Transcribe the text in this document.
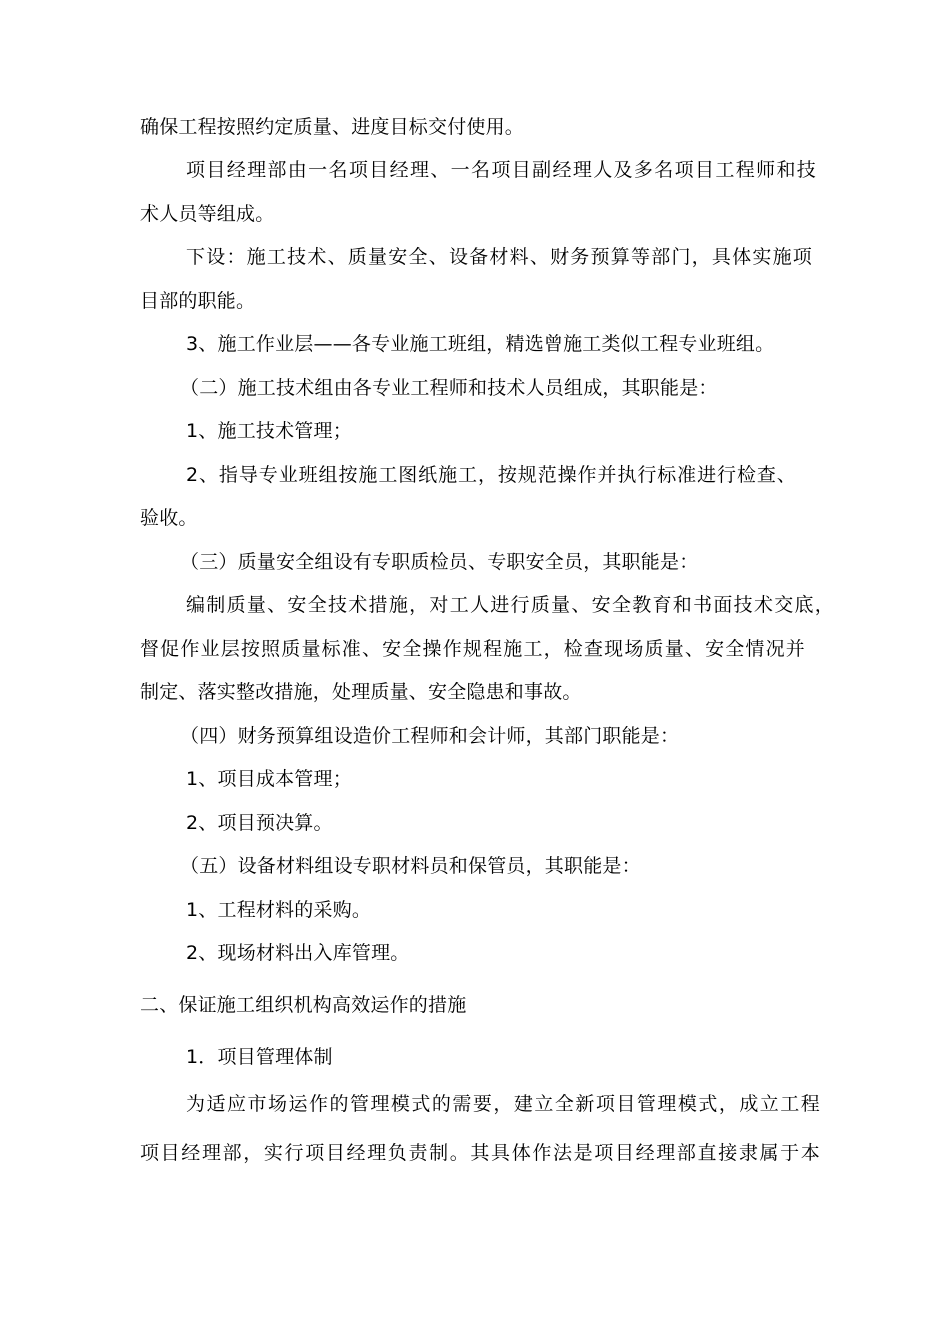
确保工程按照约定质量、进度目标交付使用。
项目经理部由一名项目经理、一名项目副经理人及多名项目工程师和技
术人员等组成。
下设：施工技术、质量安全、设备材料、财务预算等部门，具体实施项
目部的职能。
3、施工作业层——各专业施工班组，精选曾施工类似工程专业班组。
（二）施工技术组由各专业工程师和技术人员组成，其职能是：
1、施工技术管理；
2、指导专业班组按施工图纸施工，按规范操作并执行标准进行检查、
验收。
（三）质量安全组设有专职质检员、专职安全员，其职能是：
编制质量、安全技术措施，对工人进行质量、安全教育和书面技术交底，
督促作业层按照质量标准、安全操作规程施工，检查现场质量、安全情况并
制定、落实整改措施，处理质量、安全隐患和事故。
（四）财务预算组设造价工程师和会计师，其部门职能是：
1、项目成本管理；
2、项目预决算。
（五）设备材料组设专职材料员和保管员，其职能是：
1、工程材料的采购。
2、现场材料出入库管理。
二、保证施工组织机构高效运作的措施
1．项目管理体制
为适应市场运作的管理模式的需要，建立全新项目管理模式，成立工程
项目经理部，实行项目经理负责制。其具体作法是项目经理部直接隶属于本
